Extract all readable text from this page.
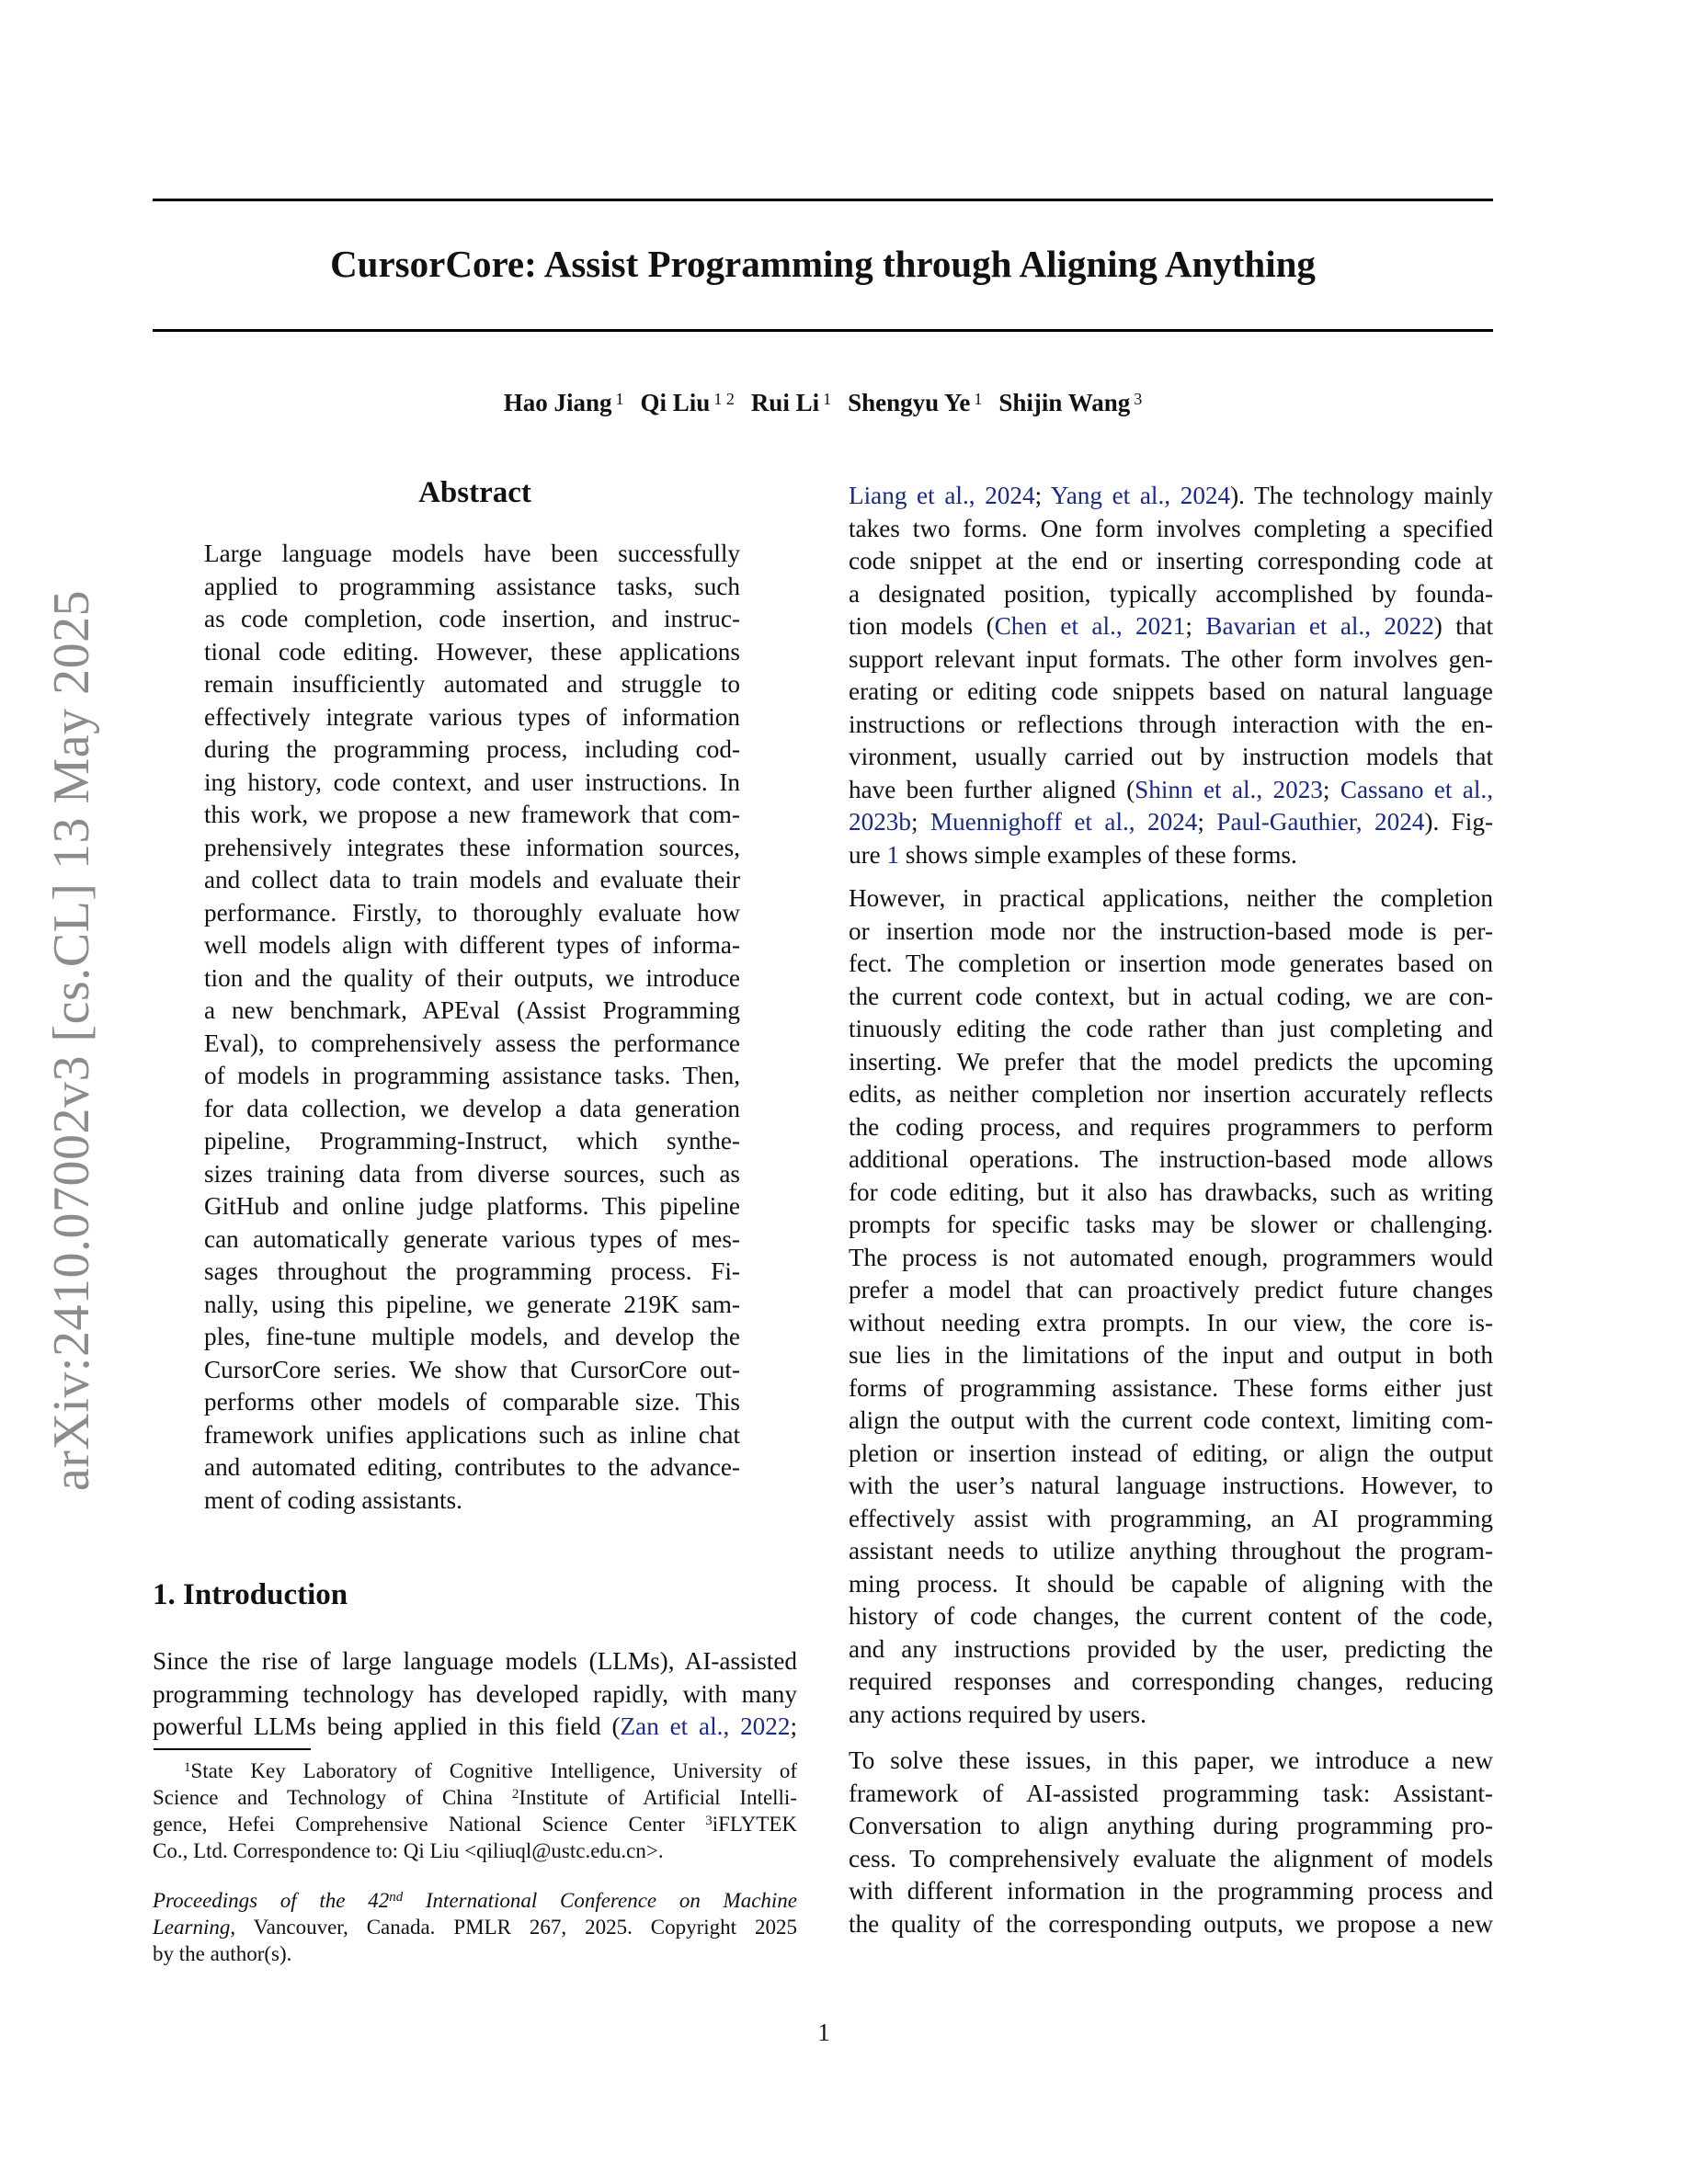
arXiv:2410.07002v3 [cs.CL] 13 May 2025
CursorCore: Assist Programming through Aligning Anything
Hao Jiang $^1$ Qi Liu $^{1 2}$ Rui Li $^1$ Shengyu Ye $^1$ Shijin Wang $^3$
Abstract
Large language models have been successfully
applied to programming assistance tasks, such
as code completion, code insertion, and instruc-
tional code editing. However, these applications
remain insufficiently automated and struggle to
effectively integrate various types of information
during the programming process, including cod-
ing history, code context, and user instructions. In
this work, we propose a new framework that com-
prehensively integrates these information sources,
and collect data to train models and evaluate their
performance. Firstly, to thoroughly evaluate how
well models align with different types of informa-
tion and the quality of their outputs, we introduce
a new benchmark, APEval (Assist Programming
Eval), to comprehensively assess the performance
of models in programming assistance tasks. Then,
for data collection, we develop a data generation
pipeline, Programming-Instruct, which synthe-
sizes training data from diverse sources, such as
GitHub and online judge platforms. This pipeline
can automatically generate various types of mes-
sages throughout the programming process. Fi-
nally, using this pipeline, we generate 219K sam-
ples, fine-tune multiple models, and develop the
CursorCore series. We show that CursorCore out-
performs other models of comparable size. This
framework unifies applications such as inline chat
and automated editing, contributes to the advance-
ment of coding assistants.
1. Introduction
Since the rise of large language models (LLMs), AI-assisted
programming technology has developed rapidly, with many
powerful LLMs being applied in this field (Zan et al., 2022;
$^1$State Key Laboratory of Cognitive Intelligence, University of
Science and Technology of China $^2$Institute of Artificial Intelli-
gence, Hefei Comprehensive National Science Center $^3$iFLYTEK
Co., Ltd. Correspondence to: Qi Liu <qiliuql@ustc.edu.cn>.
Proceedings of the 42nd International Conference on Machine
Learning, Vancouver, Canada. PMLR 267, 2025. Copyright 2025
by the author(s).
Liang et al., 2024; Yang et al., 2024). The technology mainly
takes two forms. One form involves completing a specified
code snippet at the end or inserting corresponding code at
a designated position, typically accomplished by founda-
tion models (Chen et al., 2021; Bavarian et al., 2022) that
support relevant input formats. The other form involves gen-
erating or editing code snippets based on natural language
instructions or reflections through interaction with the en-
vironment, usually carried out by instruction models that
have been further aligned (Shinn et al., 2023; Cassano et al.,
2023b; Muennighoff et al., 2024; Paul-Gauthier, 2024). Fig-
ure 1 shows simple examples of these forms.
However, in practical applications, neither the completion
or insertion mode nor the instruction-based mode is per-
fect. The completion or insertion mode generates based on
the current code context, but in actual coding, we are con-
tinuously editing the code rather than just completing and
inserting. We prefer that the model predicts the upcoming
edits, as neither completion nor insertion accurately reflects
the coding process, and requires programmers to perform
additional operations. The instruction-based mode allows
for code editing, but it also has drawbacks, such as writing
prompts for specific tasks may be slower or challenging.
The process is not automated enough, programmers would
prefer a model that can proactively predict future changes
without needing extra prompts. In our view, the core is-
sue lies in the limitations of the input and output in both
forms of programming assistance. These forms either just
align the output with the current code context, limiting com-
pletion or insertion instead of editing, or align the output
with the user’s natural language instructions. However, to
effectively assist with programming, an AI programming
assistant needs to utilize anything throughout the program-
ming process. It should be capable of aligning with the
history of code changes, the current content of the code,
and any instructions provided by the user, predicting the
required responses and corresponding changes, reducing
any actions required by users.
To solve these issues, in this paper, we introduce a new
framework of AI-assisted programming task: Assistant-
Conversation to align anything during programming pro-
cess. To comprehensively evaluate the alignment of models
with different information in the programming process and
the quality of the corresponding outputs, we propose a new
1
